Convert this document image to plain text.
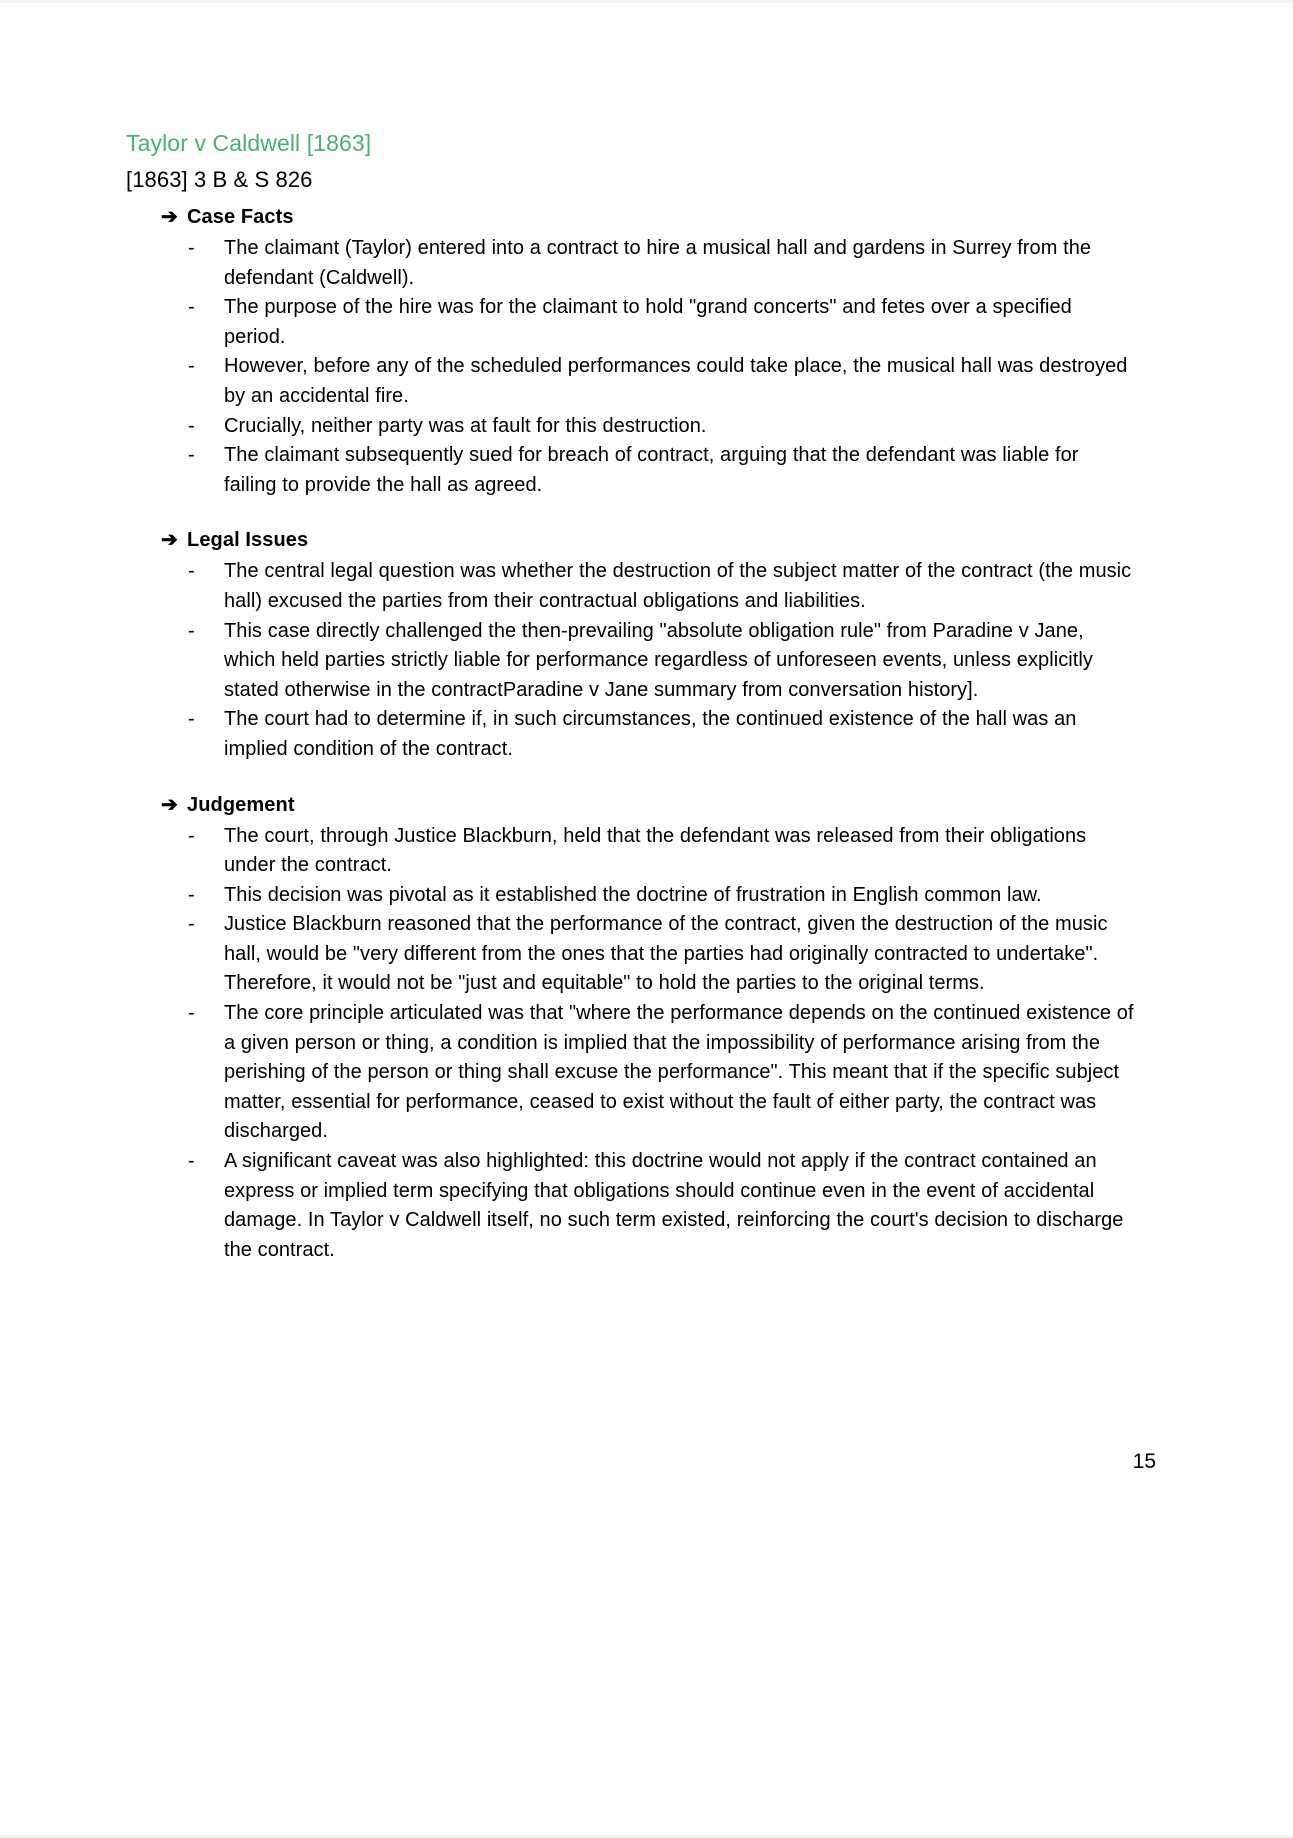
Taylor v Caldwell [1863]
[1863] 3 B & S 826
➔ Case Facts
-	The claimant (Taylor) entered into a contract to hire a musical hall and gardens in Surrey from the defendant (Caldwell).
-	The purpose of the hire was for the claimant to hold "grand concerts" and fetes over a specified period.
-	However, before any of the scheduled performances could take place, the musical hall was destroyed by an accidental fire.
-	Crucially, neither party was at fault for this destruction.
-	The claimant subsequently sued for breach of contract, arguing that the defendant was liable for failing to provide the hall as agreed.
➔ Legal Issues
-	The central legal question was whether the destruction of the subject matter of the contract (the music hall) excused the parties from their contractual obligations and liabilities.
-	This case directly challenged the then-prevailing "absolute obligation rule" from Paradine v Jane, which held parties strictly liable for performance regardless of unforeseen events, unless explicitly stated otherwise in the contractParadine v Jane summary from conversation history].
-	The court had to determine if, in such circumstances, the continued existence of the hall was an implied condition of the contract.
➔ Judgement
-	The court, through Justice Blackburn, held that the defendant was released from their obligations under the contract.
-	This decision was pivotal as it established the doctrine of frustration in English common law.
-	Justice Blackburn reasoned that the performance of the contract, given the destruction of the music hall, would be "very different from the ones that the parties had originally contracted to undertake". Therefore, it would not be "just and equitable" to hold the parties to the original terms.
-	The core principle articulated was that "where the performance depends on the continued existence of a given person or thing, a condition is implied that the impossibility of performance arising from the perishing of the person or thing shall excuse the performance". This meant that if the specific subject matter, essential for performance, ceased to exist without the fault of either party, the contract was discharged.
-	A significant caveat was also highlighted: this doctrine would not apply if the contract contained an express or implied term specifying that obligations should continue even in the event of accidental damage. In Taylor v Caldwell itself, no such term existed, reinforcing the court's decision to discharge the contract.
15
